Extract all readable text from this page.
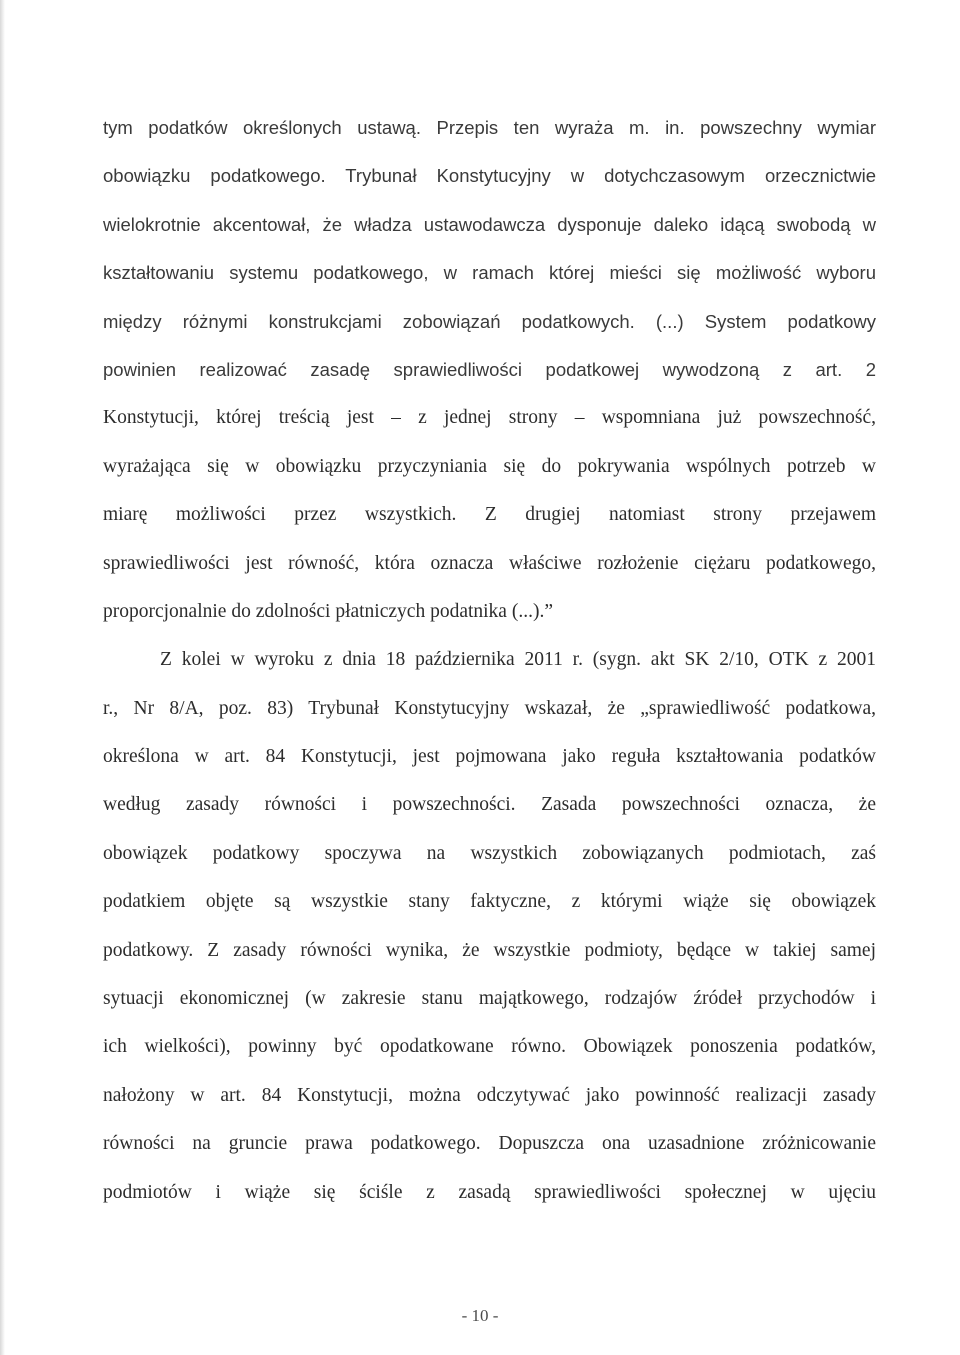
tym podatków określonych ustawą. Przepis ten wyraża m. in. powszechny wymiar
obowiązku podatkowego. Trybunał Konstytucyjny w dotychczasowym orzecznictwie
wielokrotnie akcentował, że władza ustawodawcza dysponuje daleko idącą swobodą w
kształtowaniu systemu podatkowego, w ramach której mieści się możliwość wyboru
między różnymi konstrukcjami zobowiązań podatkowych. (...) System podatkowy
powinien realizować zasadę sprawiedliwości podatkowej wywodzoną z art. 2
Konstytucji, której treścią jest – z jednej strony – wspomniana już powszechność,
wyrażająca się w obowiązku przyczyniania się do pokrywania wspólnych potrzeb w
miarę możliwości przez wszystkich. Z drugiej natomiast strony przejawem
sprawiedliwości jest równość, która oznacza właściwe rozłożenie ciężaru podatkowego,
proporcjonalnie do zdolności płatniczych podatnika (...).”
Z kolei w wyroku z dnia 18 października 2011 r. (sygn. akt SK 2/10, OTK z 2001
r., Nr 8/A, poz. 83) Trybunał Konstytucyjny wskazał, że „sprawiedliwość podatkowa,
określona w art. 84 Konstytucji, jest pojmowana jako reguła kształtowania podatków
według zasady równości i powszechności. Zasada powszechności oznacza, że
obowiązek podatkowy spoczywa na wszystkich zobowiązanych podmiotach, zaś
podatkiem objęte są wszystkie stany faktyczne, z którymi wiąże się obowiązek
podatkowy. Z zasady równości wynika, że wszystkie podmioty, będące w takiej samej
sytuacji ekonomicznej (w zakresie stanu majątkowego, rodzajów źródeł przychodów i
ich wielkości), powinny być opodatkowane równo. Obowiązek ponoszenia podatków,
nałożony w art. 84 Konstytucji, można odczytywać jako powinność realizacji zasady
równości na gruncie prawa podatkowego. Dopuszcza ona uzasadnione zróżnicowanie
podmiotów i wiąże się ściśle z zasadą sprawiedliwości społecznej w ujęciu
- 10 -
